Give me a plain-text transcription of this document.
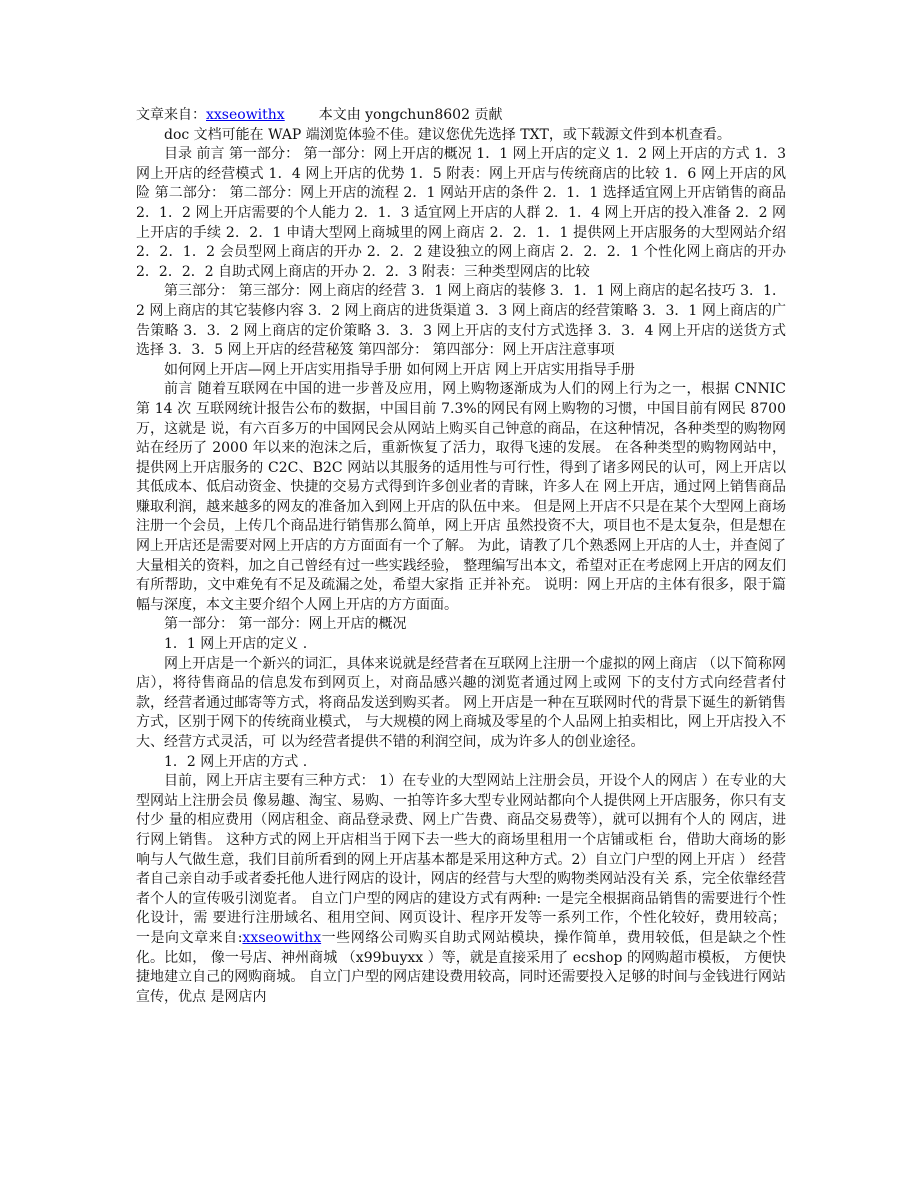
文章来自：xxseowithx 本文由 yongchun8602 贡献

doc 文档可能在 WAP 端浏览体验不佳。建议您优先选择 TXT，或下载源文件到本机查看。

目录 前言 第一部分： 第一部分：网上开店的概况 1．1 网上开店的定义 1．2 网上开店的方式 1．3 网上开店的经营模式 1．4 网上开店的优势 1．5 附表：网上开店与传统商店的比较 1．6 网上开店的风险 第二部分： 第二部分：网上开店的流程 2．1 网站开店的条件 2．1．1 选择适宜网上开店销售的商品 2．1．2 网上开店需要的个人能力 2．1．3 适宜网上开店的人群 2．1．4 网上开店的投入准备 2．2 网上开店的手续 2．2．1 申请大型网上商城里的网上商店 2．2．1．1 提供网上开店服务的大型网站介绍 2．2．1．2 会员型网上商店的开办 2．2．2 建设独立的网上商店 2．2．2．1 个性化网上商店的开办 2．2．2．2 自助式网上商店的开办 2．2．3 附表：三种类型网店的比较

第三部分： 第三部分：网上商店的经营 3．1 网上商店的装修 3．1．1 网上商店的起名技巧 3．1．2 网上商店的其它装修内容 3．2 网上商店的进货渠道 3．3 网上商店的经营策略 3．3．1 网上商店的广告策略 3．3．2 网上商店的定价策略 3．3．3 网上开店的支付方式选择 3．3．4 网上开店的送货方式选择 3．3．5 网上开店的经营秘笈 第四部分： 第四部分：网上开店注意事项

如何网上开店—网上开店实用指导手册 如何网上开店 网上开店实用指导手册

前言 随着互联网在中国的进一步普及应用，网上购物逐渐成为人们的网上行为之一，根据 CNNIC 第 14 次 互联网统计报告公布的数据，中国目前 7.3%的网民有网上购物的习惯，中国目前有网民 8700 万，这就是 说，有六百多万的中国网民会从网站上购买自己钟意的商品，在这种情况，各种类型的购物网站在经历了 2000 年以来的泡沫之后，重新恢复了活力，取得飞速的发展。 在各种类型的购物网站中，提供网上开店服务的 C2C、B2C 网站以其服务的适用性与可行性，得到了诸多网民的认可，网上开店以其低成本、低启动资金、快捷的交易方式得到许多创业者的青睐，许多人在 网上开店，通过网上销售商品赚取利润，越来越多的网友的准备加入到网上开店的队伍中来。 但是网上开店不只是在某个大型网上商场注册一个会员，上传几个商品进行销售那么简单，网上开店 虽然投资不大，项目也不是太复杂，但是想在网上开店还是需要对网上开店的方方面面有一个了解。 为此，请教了几个熟悉网上开店的人士，并查阅了大量相关的资料，加之自己曾经有过一些实践经验， 整理编写出本文，希望对正在考虑网上开店的网友们有所帮助，文中难免有不足及疏漏之处，希望大家指 正并补充。 说明：网上开店的主体有很多，限于篇幅与深度，本文主要介绍个人网上开店的方方面面。

第一部分： 第一部分：网上开店的概况

1．1 网上开店的定义 .

网上开店是一个新兴的词汇，具体来说就是经营者在互联网上注册一个虚拟的网上商店 （以下简称网店），将待售商品的信息发布到网页上，对商品感兴趣的浏览者通过网上或网 下的支付方式向经营者付款，经营者通过邮寄等方式，将商品发送到购买者。 网上开店是一种在互联网时代的背景下诞生的新销售方式，区别于网下的传统商业模式， 与大规模的网上商城及零星的个人品网上拍卖相比，网上开店投入不大、经营方式灵活，可 以为经营者提供不错的利润空间，成为许多人的创业途径。

1．2 网上开店的方式 .

目前，网上开店主要有三种方式： 1）在专业的大型网站上注册会员，开设个人的网店 ）在专业的大型网站上注册会员 像易趣、淘宝、易购、一拍等许多大型专业网站都向个人提供网上开店服务，你只有支付少 量的相应费用（网店租金、商品登录费、网上广告费、商品交易费等），就可以拥有个人的 网店，进行网上销售。 这种方式的网上开店相当于网下去一些大的商场里租用一个店铺或柜 台，借助大商场的影响与人气做生意，我们目前所看到的网上开店基本都是采用这种方式。2）自立门户型的网上开店 ） 经营者自己亲自动手或者委托他人进行网店的设计，网店的经营与大型的购物类网站没有关 系，完全依靠经营者个人的宣传吸引浏览者。 自立门户型的网店的建设方式有两种: 一是完全根据商品销售的需要进行个性化设计，需 要进行注册域名、租用空间、网页设计、程序开发等一系列工作，个性化较好，费用较高； 一是向文章来自:xxseowithx一些网络公司购买自助式网站模块，操作简单，费用较低，但是缺之个性化。比如， 像一号店、神州商城 （x99buyxx ）等，就是直接采用了 ecshop 的网购超市模板， 方便快捷地建立自己的网购商城。 自立门户型的网店建设费用较高，同时还需要投入足够的时间与金钱进行网站宣传，优点 是网店内
